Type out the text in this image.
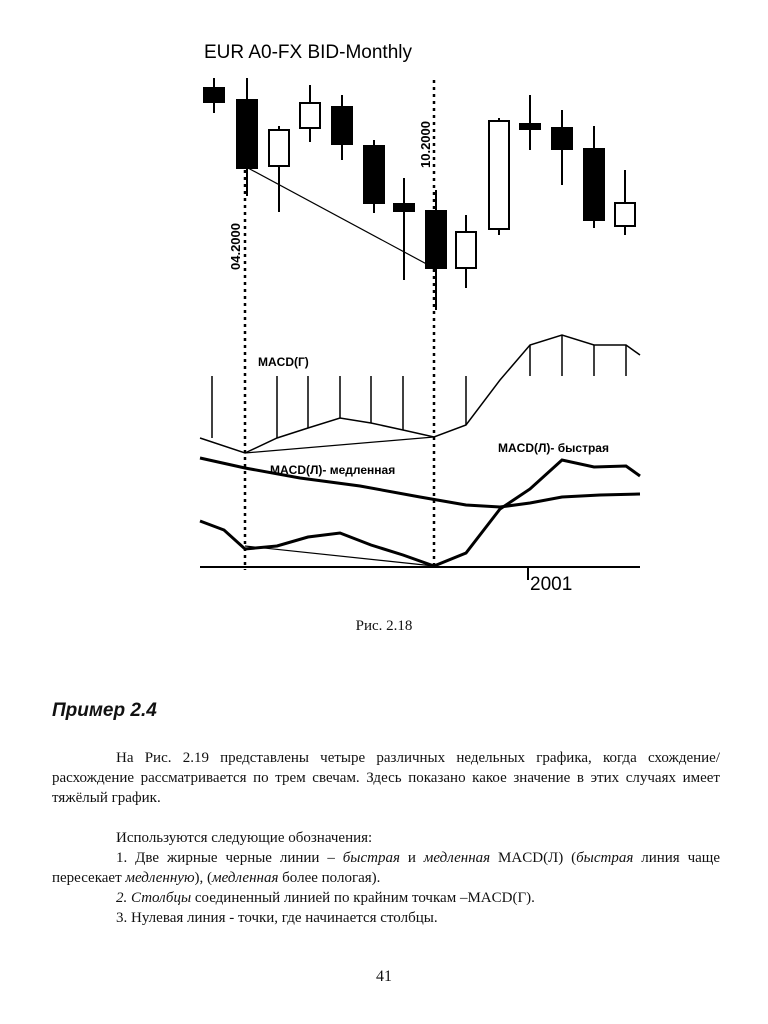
EUR A0-FX BID-Monthly
04.2000
10.2000
2001
MACD(Г)
MACD(Л)- медленная
MACD(Л)- быстрая
Рис. 2.18
Пример 2.4
На Рис. 2.19 представлены четыре различных недельных графика, когда схождение/расхождение рассматривается по трем свечам. Здесь показано какое значение в этих случаях имеет тяжёлый график.
Используются следующие обозначения:
1. Две жирные черные линии – быстрая и медленная MACD(Л) (быстрая линия чаще пересекает медленную), (медленная более пологая).
2. Столбцы соединенный линией по крайним точкам –MACD(Г).
3. Нулевая линия - точки, где начинается столбцы.
41
